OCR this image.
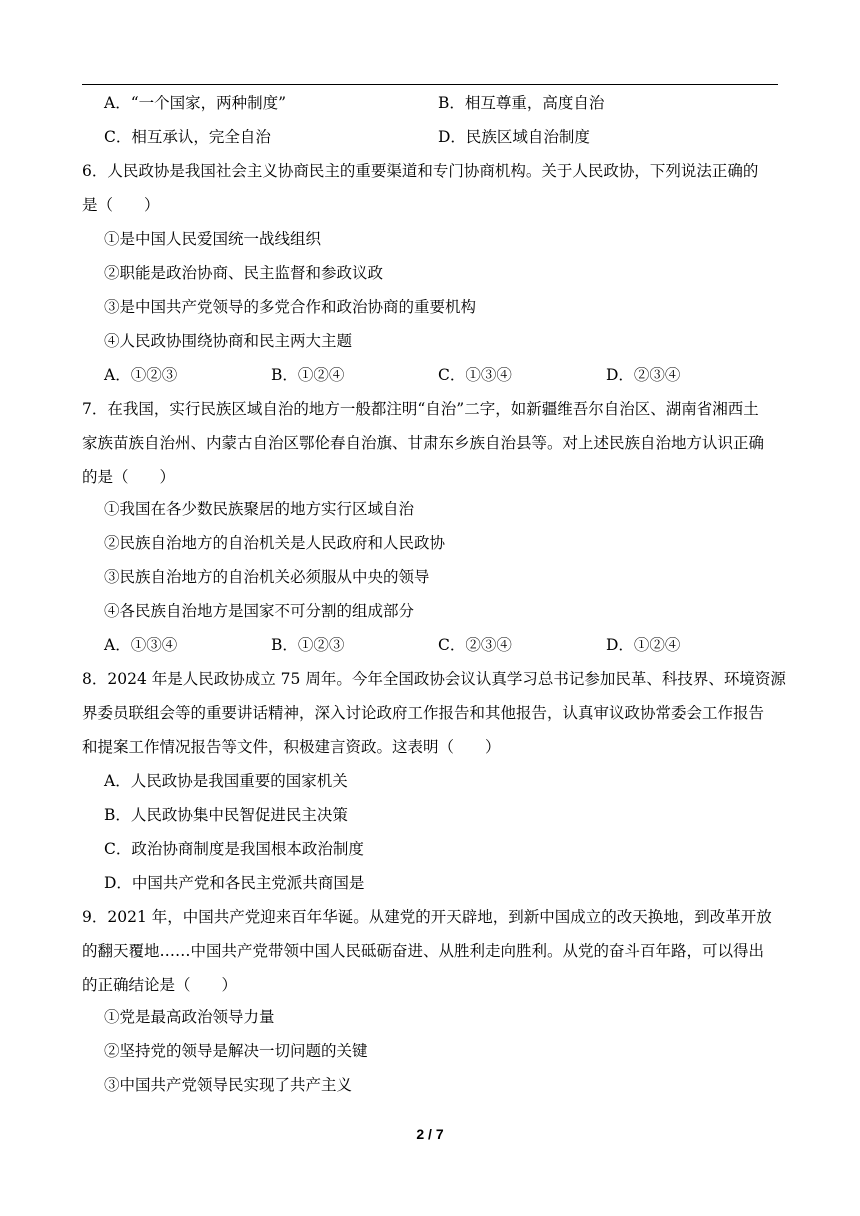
A．“一个国家，两种制度”	B．相互尊重，高度自治
C．相互承认，完全自治	D．民族区域自治制度
6．人民政协是我国社会主义协商民主的重要渠道和专门协商机构。关于人民政协，下列说法正确的
是（　　）
①是中国人民爱国统一战线组织
②职能是政治协商、民主监督和参政议政
③是中国共产党领导的多党合作和政治协商的重要机构
④人民政协围绕协商和民主两大主题
A．①②③	B．①②④	C．①③④	D．②③④
7．在我国，实行民族区域自治的地方一般都注明“自治”二字，如新疆维吾尔自治区、湖南省湘西土
家族苗族自治州、内蒙古自治区鄂伦春自治旗、甘肃东乡族自治县等。对上述民族自治地方认识正确
的是（　　）
①我国在各少数民族聚居的地方实行区域自治
②民族自治地方的自治机关是人民政府和人民政协
③民族自治地方的自治机关必须服从中央的领导
④各民族自治地方是国家不可分割的组成部分
A．①③④	B．①②③	C．②③④	D．①②④
8．2024 年是人民政协成立 75 周年。今年全国政协会议认真学习总书记参加民革、科技界、环境资源
界委员联组会等的重要讲话精神，深入讨论政府工作报告和其他报告，认真审议政协常委会工作报告
和提案工作情况报告等文件，积极建言资政。这表明（　　）
A．人民政协是我国重要的国家机关
B．人民政协集中民智促进民主决策
C．政治协商制度是我国根本政治制度
D．中国共产党和各民主党派共商国是
9．2021 年，中国共产党迎来百年华诞。从建党的开天辟地，到新中国成立的改天换地，到改革开放
的翻天覆地……中国共产党带领中国人民砥砺奋进、从胜利走向胜利。从党的奋斗百年路，可以得出
的正确结论是（　　）
①党是最高政治领导力量
②坚持党的领导是解决一切问题的关键
③中国共产党领导民实现了共产主义
2 / 7
